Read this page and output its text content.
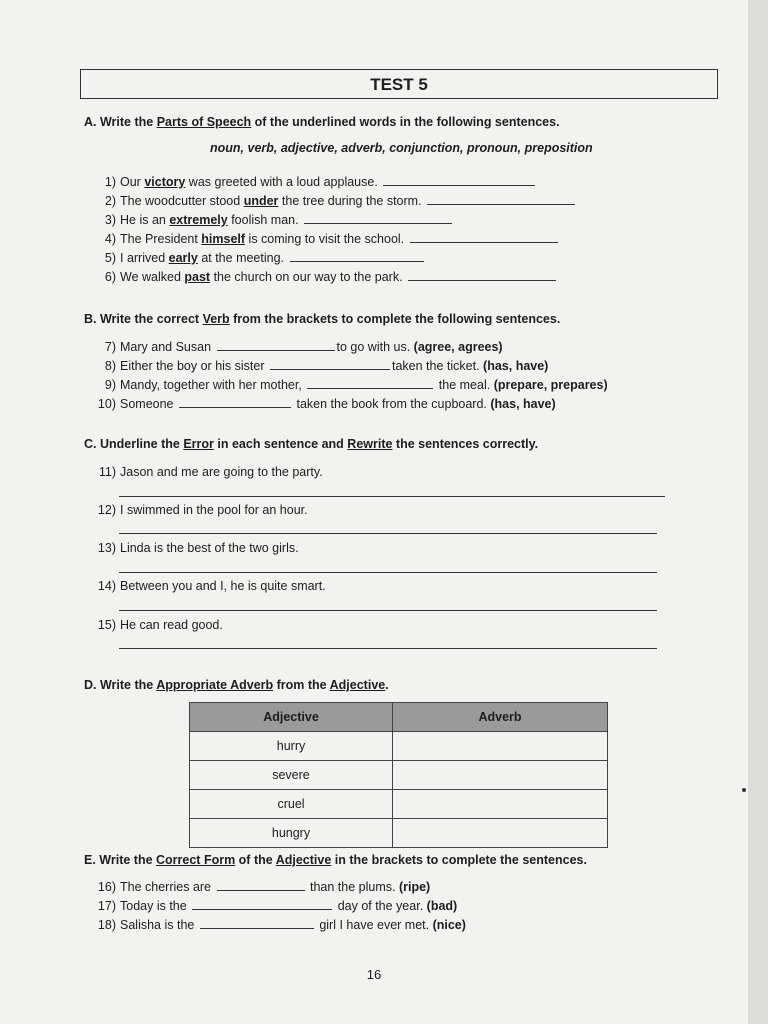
TEST 5
A. Write the Parts of Speech of the underlined words in the following sentences.
noun, verb, adjective, adverb, conjunction, pronoun, preposition
1) Our victory was greeted with a loud applause.
2) The woodcutter stood under the tree during the storm.
3) He is an extremely foolish man.
4) The President himself is coming to visit the school.
5) I arrived early at the meeting.
6) We walked past the church on our way to the park.
B. Write the correct Verb from the brackets to complete the following sentences.
7) Mary and Susan	to go with us. (agree, agrees)
8) Either the boy or his sister	taken the ticket. (has, have)
9) Mandy, together with her mother,	the meal. (prepare, prepares)
10) Someone	taken the book from the cupboard. (has, have)
C. Underline the Error in each sentence and Rewrite the sentences correctly.
11) Jason and me are going to the party.
12) I swimmed in the pool for an hour.
13) Linda is the best of the two girls.
14) Between you and I, he is quite smart.
15) He can read good.
D. Write the Appropriate Adverb from the Adjective.
Adjective	Adverb
hurry	
severe	
cruel	
hungry	
E. Write the Correct Form of the Adjective in the brackets to complete the sentences.
16) The cherries are	than the plums. (ripe)
17) Today is the	day of the year. (bad)
18) Salisha is the	girl I have ever met. (nice)
16
